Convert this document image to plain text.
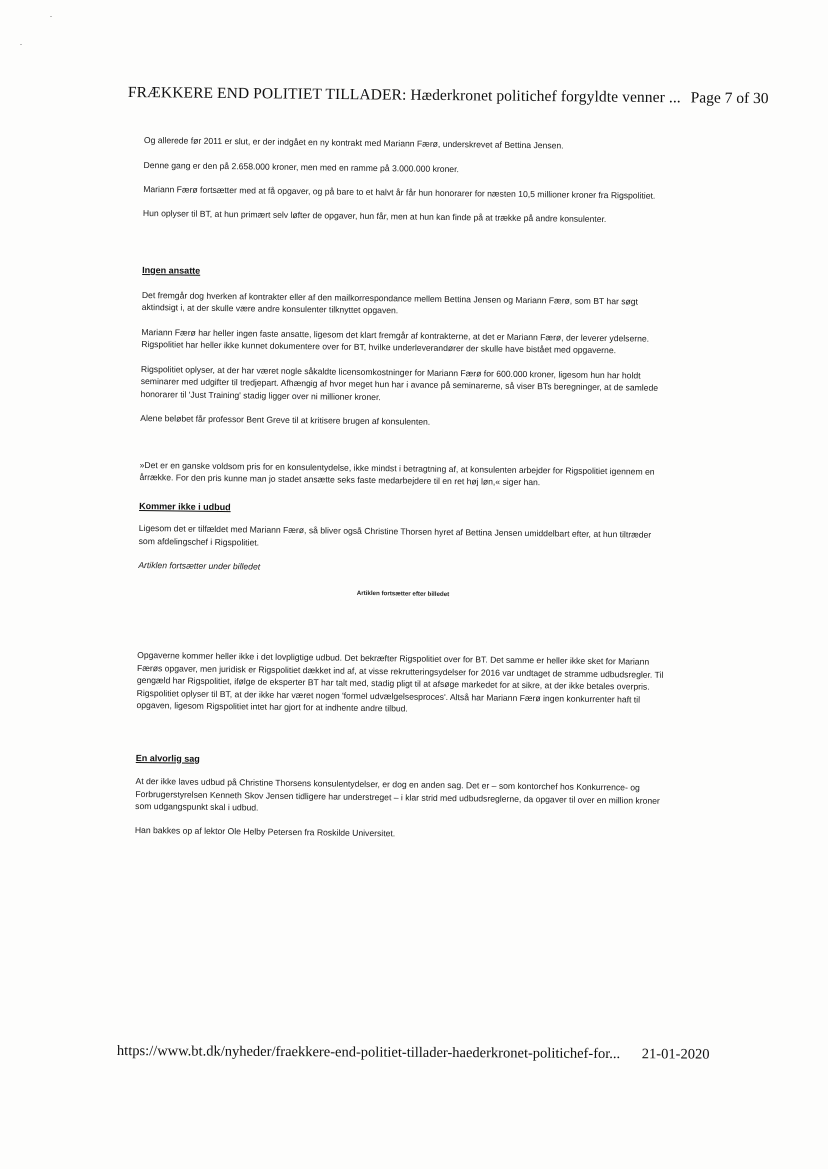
FRÆKKERE END POLITIET TILLADER: Hæderkronet politichef forgyldte venner ... Page 7 of 30

Og allerede før 2011 er slut, er der indgået en ny kontrakt med Mariann Færø, underskrevet af Bettina Jensen.

Denne gang er den på 2.658.000 kroner, men med en ramme på 3.000.000 kroner.

Mariann Færø fortsætter med at få opgaver, og på bare to et halvt år får hun honorarer for næsten 10,5 millioner kroner fra Rigspolitiet.

Hun oplyser til BT, at hun primært selv løfter de opgaver, hun får, men at hun kan finde på at trække på andre konsulenter.

Ingen ansatte

Det fremgår dog hverken af kontrakter eller af den mailkorrespondance mellem Bettina Jensen og Mariann Færø, som BT har søgt aktindsigt i, at der skulle være andre konsulenter tilknyttet opgaven.

Mariann Færø har heller ingen faste ansatte, ligesom det klart fremgår af kontrakterne, at det er Mariann Færø, der leverer ydelserne. Rigspolitiet har heller ikke kunnet dokumentere over for BT, hvilke underleverandører der skulle have bistået med opgaverne.

Rigspolitiet oplyser, at der har været nogle såkaldte licensomkostninger for Mariann Færø for 600.000 kroner, ligesom hun har holdt seminarer med udgifter til tredjepart. Afhængig af hvor meget hun har i avance på seminarerne, så viser BTs beregninger, at de samlede honorarer til 'Just Training' stadig ligger over ni millioner kroner.

Alene beløbet får professor Bent Greve til at kritisere brugen af konsulenten.

»Det er en ganske voldsom pris for en konsulentydelse, ikke mindst i betragtning af, at konsulenten arbejder for Rigspolitiet igennem en årrække. For den pris kunne man jo stadet ansætte seks faste medarbejdere til en ret høj løn,« siger han.

Kommer ikke i udbud

Ligesom det er tilfældet med Mariann Færø, så bliver også Christine Thorsen hyret af Bettina Jensen umiddelbart efter, at hun tiltræder som afdelingschef i Rigspolitiet.

Artiklen fortsætter under billedet

Artiklen fortsætter efter billedet

Opgaverne kommer heller ikke i det lovpligtige udbud. Det bekræfter Rigspolitiet over for BT. Det samme er heller ikke sket for Mariann Færøs opgaver, men juridisk er Rigspolitiet dækket ind af, at visse rekrutteringsydelser for 2016 var undtaget de stramme udbudsregler. Til gengæld har Rigspolitiet, ifølge de eksperter BT har talt med, stadig pligt til at afsøge markedet for at sikre, at der ikke betales overpris. Rigspolitiet oplyser til BT, at der ikke har været nogen 'formel udvælgelsesproces'. Altså har Mariann Færø ingen konkurrenter haft til opgaven, ligesom Rigspolitiet intet har gjort for at indhente andre tilbud.

En alvorlig sag

At der ikke laves udbud på Christine Thorsens konsulentydelser, er dog en anden sag. Det er – som kontorchef hos Konkurrence- og Forbrugerstyrelsen Kenneth Skov Jensen tidligere har understreget – i klar strid med udbudsreglerne, da opgaver til over en million kroner som udgangspunkt skal i udbud.

Han bakkes op af lektor Ole Helby Petersen fra Roskilde Universitet.

https://www.bt.dk/nyheder/fraekkere-end-politiet-tillader-haederkronet-politichef-for... 21-01-2020
